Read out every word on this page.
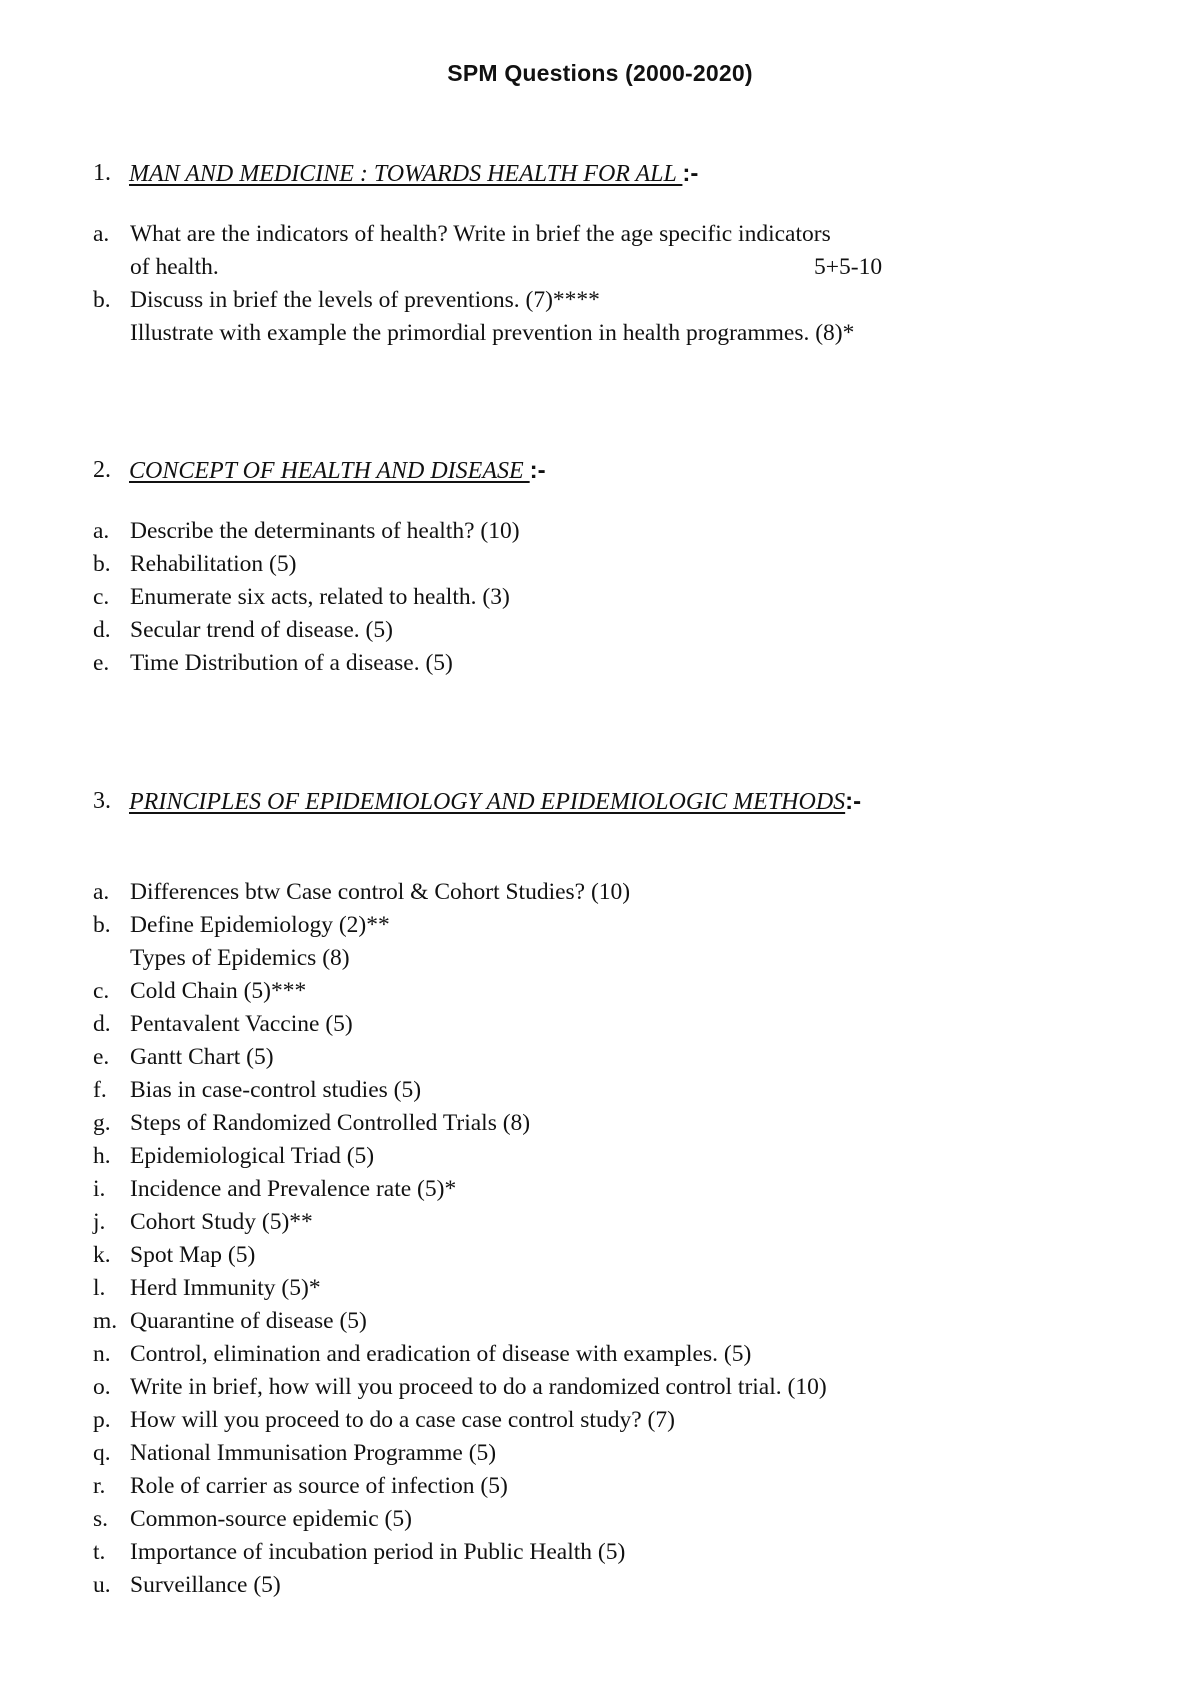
SPM Questions (2000-2020)
1. MAN AND MEDICINE : TOWARDS HEALTH FOR ALL :-
a. What are the indicators of health? Write in brief the age specific indicators
of health.	5+5-10
b. Discuss in brief the levels of preventions. (7)****
Illustrate with example the primordial prevention in health programmes. (8)*
2. CONCEPT OF HEALTH AND DISEASE :-
a. Describe the determinants of health? (10)
b. Rehabilitation (5)
c. Enumerate six acts, related to health. (3)
d. Secular trend of disease. (5)
e. Time Distribution of a disease. (5)
3. PRINCIPLES OF EPIDEMIOLOGY AND EPIDEMIOLOGIC METHODS:-
a. Differences btw Case control & Cohort Studies? (10)
b. Define Epidemiology (2)**
Types of Epidemics (8)
c. Cold Chain (5)***
d. Pentavalent Vaccine (5)
e. Gantt Chart (5)
f. Bias in case-control studies (5)
g. Steps of Randomized Controlled Trials (8)
h. Epidemiological Triad (5)
i. Incidence and Prevalence rate (5)*
j. Cohort Study (5)**
k. Spot Map (5)
l. Herd Immunity (5)*
m. Quarantine of disease (5)
n. Control, elimination and eradication of disease with examples. (5)
o. Write in brief, how will you proceed to do a randomized control trial. (10)
p. How will you proceed to do a case case control study? (7)
q. National Immunisation Programme (5)
r. Role of carrier as source of infection (5)
s. Common-source epidemic (5)
t. Importance of incubation period in Public Health (5)
u. Surveillance (5)
